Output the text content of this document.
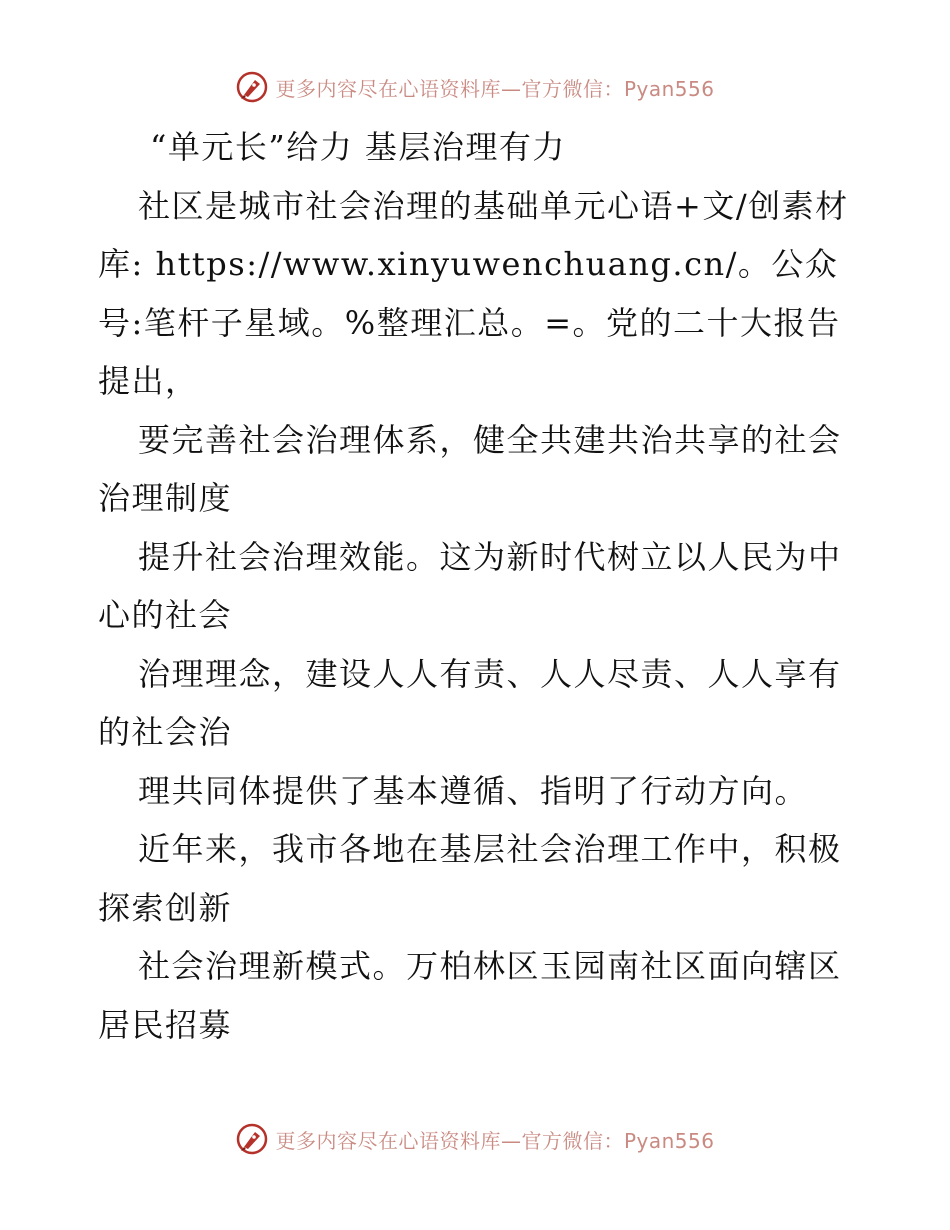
更多内容尽在心语资料库—官方微信：Pyan556

“单元长”给力 基层治理有力

社区是城市社会治理的基础单元心语+文/创素材库: https://www.xinyuwenchuang.cn/。公众号:笔杆子星域。%整理汇总。=。党的二十大报告提出，

要完善社会治理体系，健全共建共治共享的社会治理制度

提升社会治理效能。这为新时代树立以人民为中心的社会

治理理念，建设人人有责、人人尽责、人人享有的社会治

理共同体提供了基本遵循、指明了行动方向。

近年来，我市各地在基层社会治理工作中，积极探索创新

社会治理新模式。万柏林区玉园南社区面向辖区居民招募

更多内容尽在心语资料库—官方微信：Pyan556
